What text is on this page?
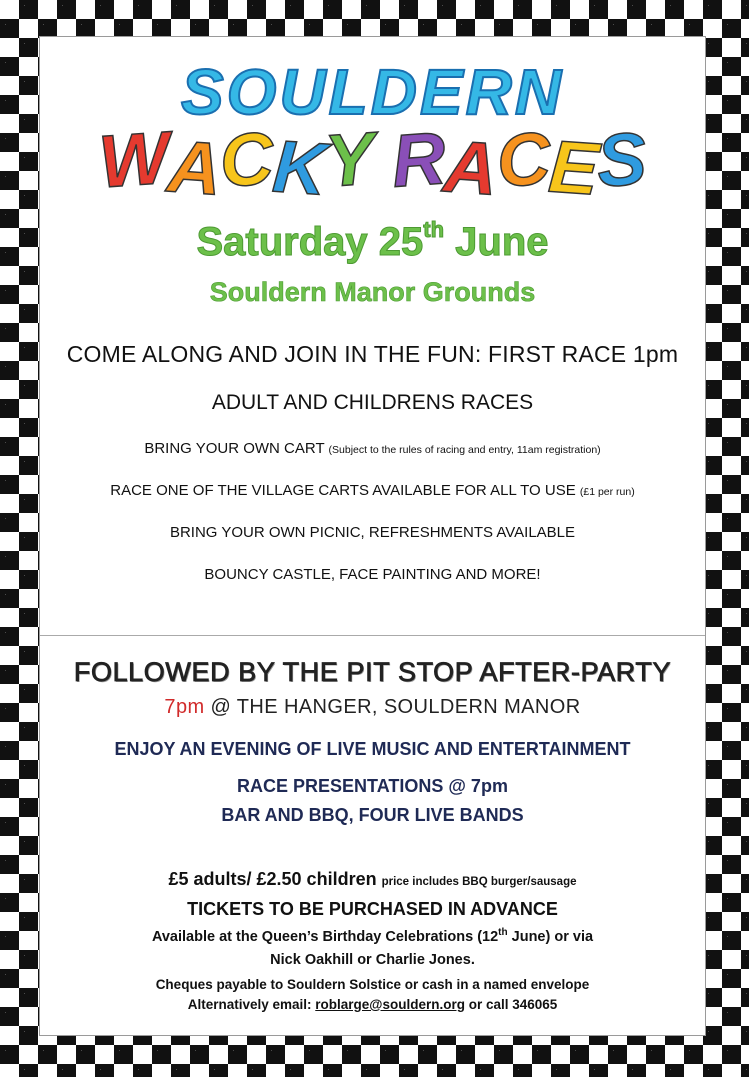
SOULDERN
WACKY RACES
Saturday 25th June
Souldern Manor Grounds
COME ALONG AND JOIN IN THE FUN: FIRST RACE 1pm
ADULT AND CHILDRENS RACES
BRING YOUR OWN CART (Subject to the rules of racing and entry, 11am registration)
RACE ONE OF THE VILLAGE CARTS AVAILABLE FOR ALL TO USE (£1 per run)
BRING YOUR OWN PICNIC, REFRESHMENTS AVAILABLE
BOUNCY CASTLE, FACE PAINTING AND MORE!
FOLLOWED BY THE PIT STOP AFTER-PARTY
7pm @ THE HANGER, SOULDERN MANOR
ENJOY AN EVENING OF LIVE MUSIC AND ENTERTAINMENT
RACE PRESENTATIONS @ 7pm
BAR AND BBQ, FOUR LIVE BANDS
£5 adults/ £2.50 children price includes BBQ burger/sausage
TICKETS TO BE PURCHASED IN ADVANCE
Available at the Queen’s Birthday Celebrations (12th June) or via
Nick Oakhill or Charlie Jones.
Cheques payable to Souldern Solstice or cash in a named envelope
Alternatively email: roblarge@souldern.org or call 346065
